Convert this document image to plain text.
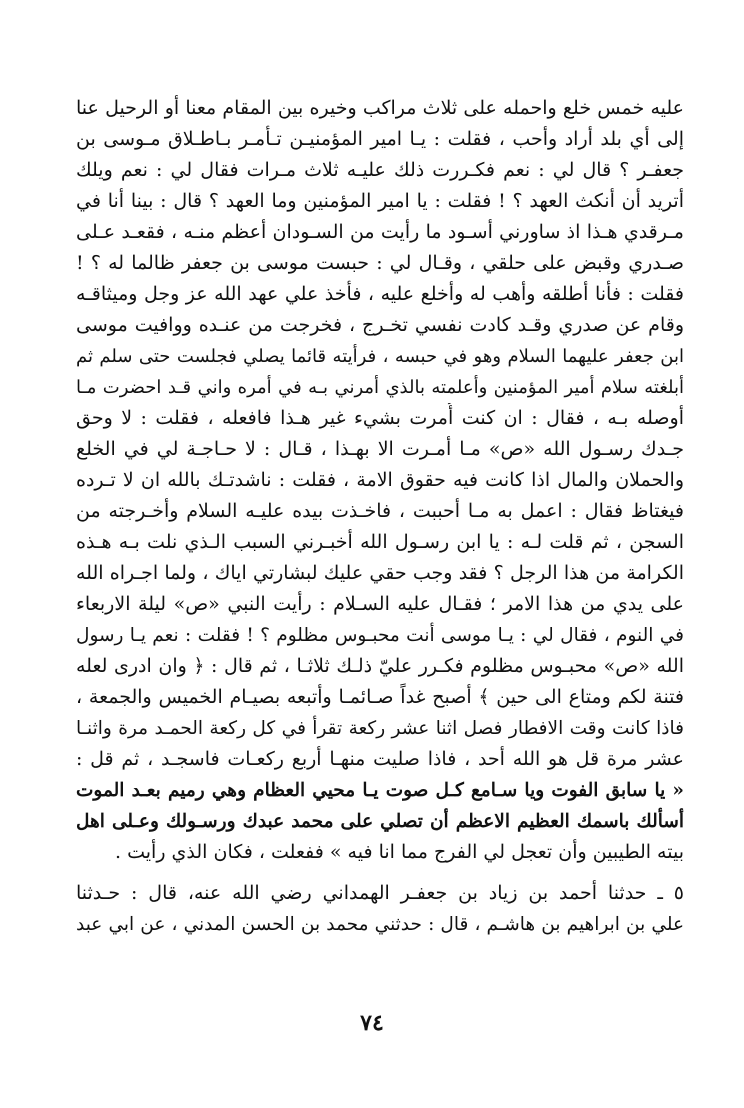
عليه خمس خلع واحمله على ثلاث مراكب وخيره بين المقام معنا أو الرحيل عنا
إلى أي بلد أراد وأحب ، فقلت : يـا امير المؤمنيـن تـأمـر بـاطـلاق مـوسى بن
جعفـر ؟ قال لي : نعم فكـررت ذلك عليـه ثلاث مـرات فقال لي : نعم ويلك
أتريد أن أنكث العهد ؟ ! فقلت : يا امير المؤمنين وما العهد ؟ قال : بينا أنا في
مـرقدي هـذا اذ ساورني أسـود ما رأيت من السـودان أعظم منـه ، فقعـد عـلى
صـدري وقبض على حلقي ، وقـال لي : حبست موسى بن جعفر ظالما له ؟ !
فقلت : فأنا أطلقه وأهب له وأخلع عليه ، فأخذ علي عهد الله عز وجل وميثاقـه
وقام عن صدري وقـد كادت نفسي تخـرج ، فخرجت من عنـده ووافيت موسى
ابن جعفر عليهما السلام وهو في حبسه ، فرأيته قائما يصلي فجلست حتى سلم ثم
أبلغته سلام أمير المؤمنين وأعلمته بالذي أمرني بـه في أمره واني قـد احضرت مـا
أوصله بـه ، فقال : ان كنت أُمرت بشيء غير هـذا فافعله ، فقلت : لا وحق
جـدك رسـول الله «ص» مـا أمـرت الا بهـذا ، قـال : لا حـاجـة لي في الخلع
والحملان والمال اذا كانت فيه حقوق الامة ، فقلت : ناشدتـك بالله ان لا تـرده
فيغتاظ فقال : اعمل به مـا أحببت ، فاخـذت بيده عليـه السلام وأخـرجته من
السجن ، ثم قلت لـه : يا ابن رسـول الله أخبـرني السبب الـذي نلت بـه هـذه
الكرامة من هذا الرجل ؟ فقد وجب حقي عليك لبشارتي اياك ، ولما اجـراه الله
على يدي من هذا الامر ؛ فقـال عليه السـلام : رأيت النبي «ص» ليلة الاربعاء
في النوم ، فقال لي : يـا موسى أنت محبـوس مظلوم ؟ ! فقلت : نعم يـا رسول
الله «ص» محبـوس مظلوم فكـرر عليّ ذلـك ثلاثـا ، ثم قال : ﴿ وان ادرى لعله
فتنة لكم ومتاع الى حين ﴾ أصبح غداً صـائمـا وأتبعه بصيـام الخميس والجمعة ،
فاذا كانت وقت الافطار فصل اثنا عشر ركعة تقرأ في كل ركعة الحمـد مرة واثنـا
عشر مرة قل هو الله أحد ، فاذا صليت منهـا أربع ركعـات فاسجـد ، ثم قل :
« يا سابق الفوت ويا سـامع كـل صوت يـا محيي العظام وهي رميم بعـد الموت
أسألك باسمك العظيم الاعظم أن تصلي على محمد عبدك ورسـولك وعـلى اهل
بيته الطيبين وأن تعجل لي الفرج مما انا فيه » ففعلت ، فكان الذي رأيت .
٥ ـ حدثنا أحمد بن زياد بن جعفـر الهمداني رضي الله عنه، قال : حـدثنا
علي بن ابراهيم بن هاشـم ، قال : حدثني محمد بن الحسن المدني ، عن ابي عبد
٧٤
